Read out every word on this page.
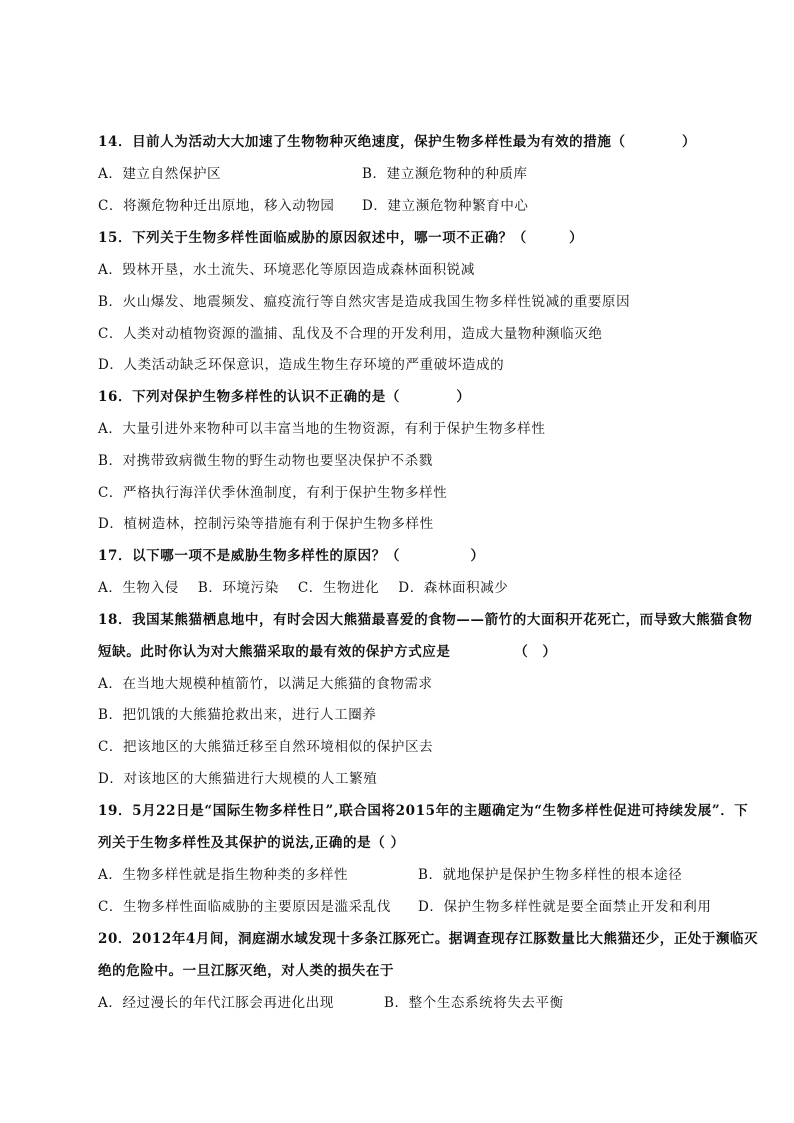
14．目前人为活动大大加速了生物物种灭绝速度，保护生物多样性最为有效的措施（　　　　）
A．建立自然保护区	B．建立濒危物种的种质库
C．将濒危物种迁出原地，移入动物园 D．建立濒危物种繁育中心
15．下列关于生物多样性面临威胁的原因叙述中，哪一项不正确？（　　　）
A．毁林开垦，水土流失、环境恶化等原因造成森林面积锐减
B．火山爆发、地震频发、瘟疫流行等自然灾害是造成我国生物多样性锐减的重要原因
C．人类对动植物资源的滥捕、乱伐及不合理的开发利用，造成大量物种濒临灭绝
D．人类活动缺乏环保意识，造成生物生存环境的严重破坏造成的
16．下列对保护生物多样性的认识不正确的是（　　　　）
A．大量引进外来物种可以丰富当地的生物资源，有利于保护生物多样性
B．对携带致病微生物的野生动物也要坚决保护不杀戮
C．严格执行海洋伏季休渔制度，有利于保护生物多样性
D．植树造林，控制污染等措施有利于保护生物多样性
17．以下哪一项不是威胁生物多样性的原因？（　　　　　）
A．生物入侵　 B．环境污染　 C．生物进化　 D．森林面积减少
18．我国某熊猫栖息地中，有时会因大熊猫最喜爱的食物——箭竹的大面积开花死亡，而导致大熊猫食物
短缺。此时你认为对大熊猫采取的最有效的保护方式应是　　　　　（　）
A．在当地大规模种植箭竹，以满足大熊猫的食物需求
B．把饥饿的大熊猫抢救出来，进行人工圈养
C．把该地区的大熊猫迁移至自然环境相似的保护区去
D．对该地区的大熊猫进行大规模的人工繁殖
19．5月22日是“国际生物多样性日”,联合国将2015年的主题确定为“生物多样性促进可持续发展”．下
列关于生物多样性及其保护的说法,正确的是（ ）
A．生物多样性就是指生物种类的多样性	B．就地保护是保护生物多样性的根本途径
C．生物多样性面临威胁的主要原因是滥采乱伐 D．保护生物多样性就是要全面禁止开发和利用
20．2012年4月间，洞庭湖水域发现十多条江豚死亡。据调查现存江豚数量比大熊猫还少，正处于濒临灭
绝的危险中。一旦江豚灭绝，对人类的损失在于
A．经过漫长的年代江豚会再进化出现	B．整个生态系统将失去平衡
